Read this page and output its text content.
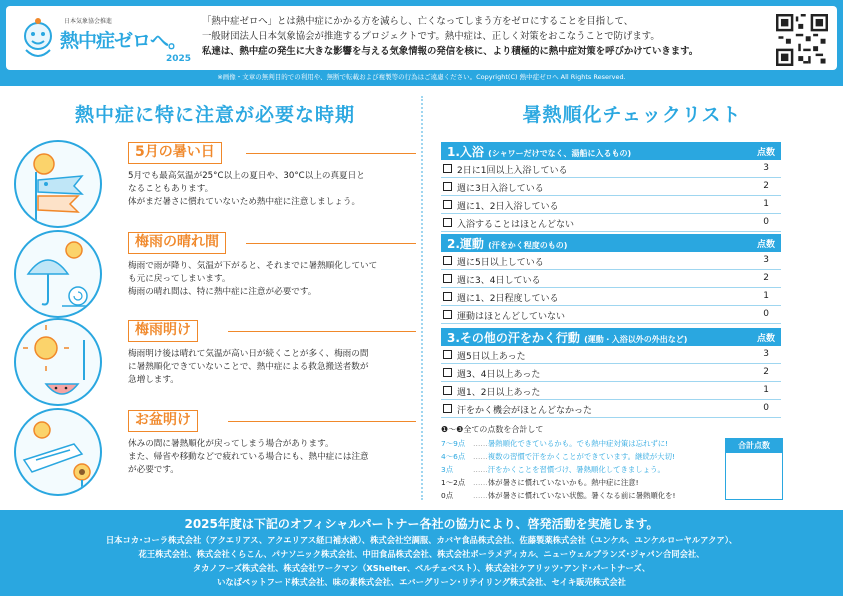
日本気象協会推進
熱中症ゼロへ。
2025
「熱中症ゼロへ」とは熱中症にかかる方を減らし、亡くなってしまう方をゼロにすることを目指して、
一般財団法人日本気象協会が推進するプロジェクトです。熱中症は、正しく対策をおこなうことで防げます。
私達は、熱中症の発生に大きな影響を与える気象情報の発信を核に、より積極的に熱中症対策を呼びかけていきます。
※画像・文章の無判目的での利用や、無断で転載および複製等の行為はご遠慮ください。Copyright(C) 熱中症ゼロへ All Rights Reserved.
熱中症に特に注意が必要な時期
5月の暑い日
5月でも最高気温が25°C以上の夏日や、30°C以上の真夏日と
なることもあります。
体がまだ暑さに慣れていないため熱中症に注意しましょう。
梅雨の晴れ間
梅雨で雨が降り、気温が下がると、それまでに暑熱順化していて
も元に戻ってしまいます。
梅雨の晴れ間は、特に熱中症に注意が必要です。
梅雨明け
梅雨明け後は晴れて気温が高い日が続くことが多く、梅雨の間
に暑熱順化できていないことで、熱中症による救急搬送者数が
急増します。
お盆明け
休みの間に暑熱順化が戻ってしまう場合があります。
また、帰省や移動などで疲れている場合にも、熱中症には注意
が必要です。
暑熱順化チェックリスト
1.入浴 (シャワーだけでなく、湯船に入るもの)	点数
2日に1回以上入浴している	3
週に3日入浴している	2
週に1、2日入浴している	1
入浴することはほとんどない	0
2.運動 (汗をかく程度のもの)	点数
週に5日以上している	3
週に3、4日している	2
週に1、2日程度している	1
運動はほとんどしていない	0
3.その他の汗をかく行動 (運動・入浴以外の外出など)	点数
週5日以上あった	3
週3、4日以上あった	2
週1、2日以上あった	1
汗をかく機会がほとんどなかった	0
❶～❸全ての点数を合計して
7～9点 ……暑熱順化できているかも。でも熱中症対策は忘れずに!
4～6点 ……複数の習慣で汗をかくことができています。継続が大切!
3点	……汗をかくことを習慣づけ、暑熱順化してきましょう。
1～2点 ……体が暑さに慣れていないかも。熱中症に注意!
0点	……体が暑さに慣れていない状態。暑くなる前に暑熱順化を!
合計点数
2025年度は下記のオフィシャルパートナー各社の協力により、啓発活動を実施します。
日本コカ･コーラ株式会社（アクエリアス、アクエリアス経口補水液）、株式会社空調服、カバヤ食品株式会社、佐藤製薬株式会社（ユンケル、ユンケルローヤルアクア）、
花王株式会社、株式会社くらこん、パナソニック株式会社、中田食品株式会社、株式会社ポーラメディカル、ニューウェルブランズ･ジャパン合同会社、
タカノフーズ株式会社、株式会社ワークマン（XShelter、ベルチェベスト）、株式会社ケアリッツ･アンド･パートナーズ、
いなばペットフード株式会社、味の素株式会社、エバーグリーン･リテイリング株式会社、セイキ販売株式会社
